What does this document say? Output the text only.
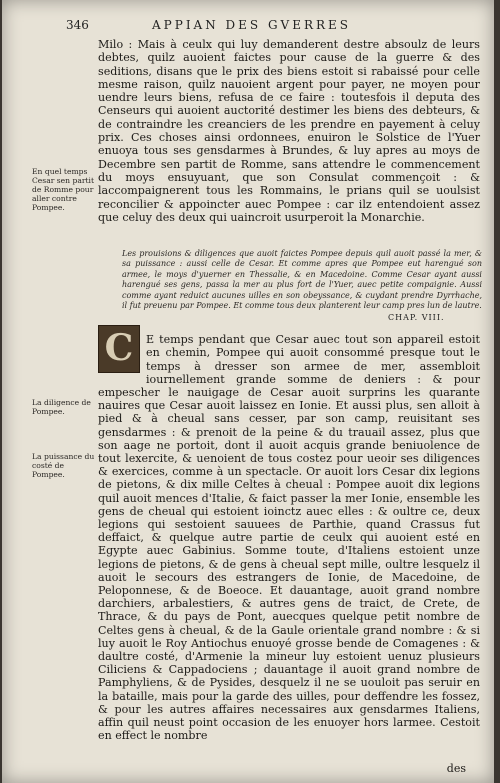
346	APPIAN DES GVERRES

Milo : Mais à ceulx qui luy demanderent destre absoulz de leurs debtes, quilz auoient faictes pour cause de la guerre & des seditions, disans que le prix des biens estoit si rabaissé pour celle mesme raison, quilz nauoient argent pour payer, ne moyen pour uendre leurs biens, refusa de ce faire : toutesfois il deputa des Censeurs qui auoient auctorité destimer les biens des debteurs, & de contraindre les creanciers de les prendre en payement à celuy prix. Ces choses ainsi ordonnees, enuiron le Solstice de l'Yuer enuoya tous ses gensdarmes à Brundes, & luy apres au moys de Decembre sen partit de Romme, sans attendre le commencement du moys ensuyuant, que son Consulat commençoit : & laccompaignerent tous les Rommains, le prians quil se uoulsist reconcilier & appoincter auec Pompee : car ilz entendoient assez que celuy des deux qui uaincroit usurperoit la Monarchie.

En quel temps Cesar sen partit de Romme pour aller contre Pompee.
Les prouisions & diligences que auoit faictes Pompee depuis quil auoit passé la mer, & sa puissance : aussi celle de Cesar. Et comme apres que Pompee eut harengué son armee, le moys d'yuerner en Thessalie, & en Macedoine. Comme Cesar ayant aussi harengué ses gens, passa la mer au plus fort de l'Yuer, auec petite compaignie. Aussi comme ayant reduict aucunes uilles en son obeyssance, & cuydant prendre Dyrrhache, il fut preuenu par Pompee. Et comme tous deux planterent leur camp pres lun de lautre.
CHAP. VIII.
C	E temps pendant que Cesar auec tout son appareil estoit en chemin, Pompee qui auoit consommé presque tout le temps à dresser son armee de mer, assembloit iournellement grande somme de deniers : & pour empescher le nauigage de Cesar auoit surprins les quarante nauires que Cesar auoit laissez en Ionie. Et aussi plus, sen alloit à pied & à cheual sans cesser, par son camp, reuisitant ses gensdarmes : & prenoit de la peine & du trauail assez, plus que son aage ne portoit, dont il auoit acquis grande beniuolence de tout lexercite, & uenoient de tous costez pour ueoir ses diligences & exercices, comme à un spectacle. Or auoit lors Cesar dix legions de pietons, & dix mille Celtes à cheual : Pompee auoit dix legions quil auoit mences d'Italie, & faict passer la mer Ionie, ensemble les gens de cheual qui estoient ioinctz auec elles : & oultre ce, deux legions qui sestoient sauuees de Parthie, quand Crassus fut deffaict, & quelque autre partie de ceulx qui auoient esté en Egypte auec Gabinius. Somme toute, d'Italiens estoient unze legions de pietons, & de gens à cheual sept mille, oultre lesquelz il auoit le secours des estrangers de Ionie, de Macedoine, de Peloponnese, & de Boeoce. Et dauantage, auoit grand nombre darchiers, arbalestiers, & autres gens de traict, de Crete, de Thrace, & du pays de Pont, auecques quelque petit nombre de Celtes gens à cheual, & de la Gaule orientale grand nombre : & si luy auoit le Roy Antiochus enuoyé grosse bende de Comagenes : & daultre costé, d'Armenie la mineur luy estoient uenuz plusieurs Ciliciens & Cappadociens ; dauantage il auoit grand nombre de Pamphyliens, & de Pysides, desquelz il ne se uouloit pas seruir en la bataille, mais pour la garde des uilles, pour deffendre les fossez, & pour les autres affaires necessaires aux gensdarmes Italiens, affin quil neust point occasion de les enuoyer hors larmee. Cestoit en effect le nombre

La diligence de Pompee.
La puissance du costé de Pompee.
des
